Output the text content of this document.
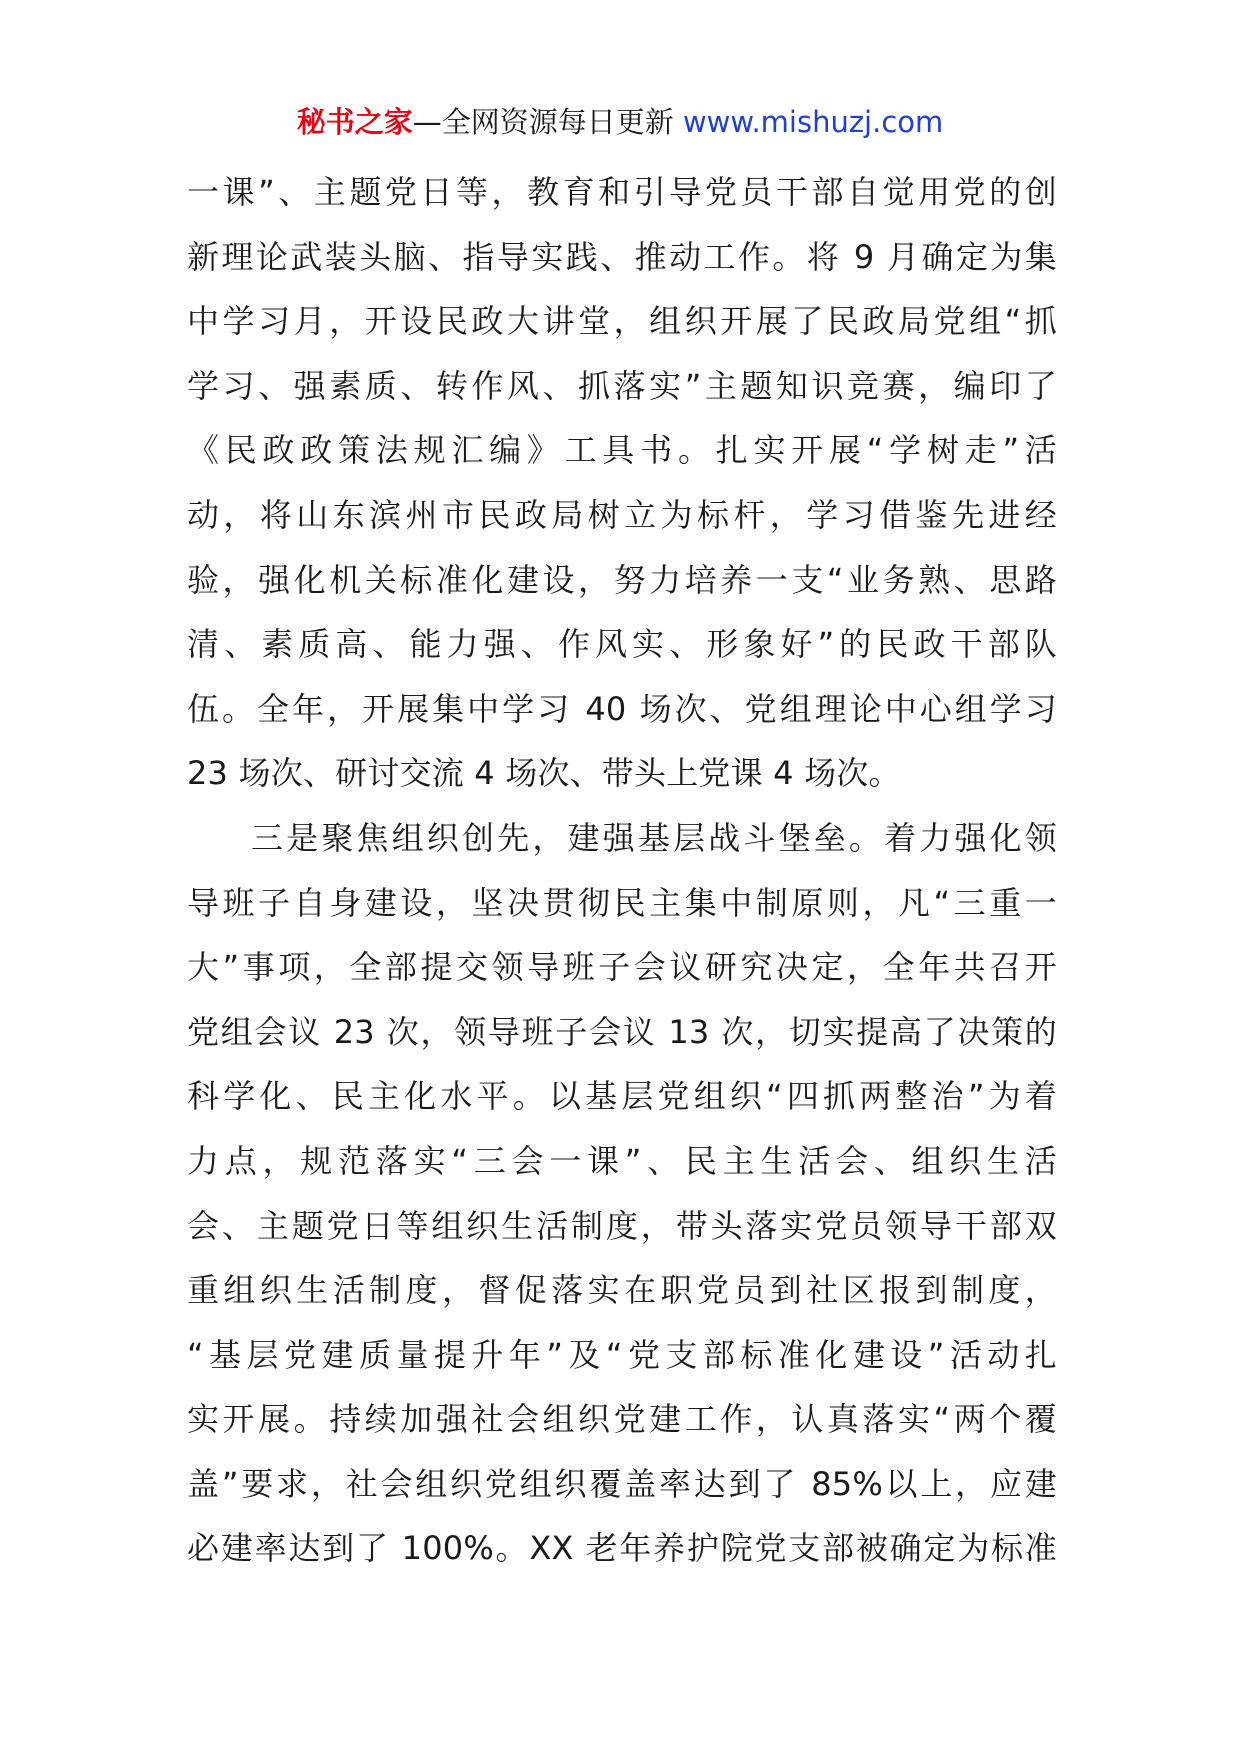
秘书之家—全网资源每日更新 www.mishuzj.com

一课”、主题党日等，教育和引导党员干部自觉用党的创
新理论武装头脑、指导实践、推动工作。将 9 月确定为集
中学习月，开设民政大讲堂，组织开展了民政局党组“抓
学习、强素质、转作风、抓落实”主题知识竞赛，编印了
《民政政策法规汇编》工具书。扎实开展“学树走”活
动，将山东滨州市民政局树立为标杆，学习借鉴先进经
验，强化机关标准化建设，努力培养一支“业务熟、思路
清、素质高、能力强、作风实、形象好”的民政干部队
伍。全年，开展集中学习 40 场次、党组理论中心组学习
23 场次、研讨交流 4 场次、带头上党课 4 场次。

三是聚焦组织创先，建强基层战斗堡垒。着力强化领
导班子自身建设，坚决贯彻民主集中制原则，凡“三重一
大”事项，全部提交领导班子会议研究决定，全年共召开
党组会议 23 次，领导班子会议 13 次，切实提高了决策的
科学化、民主化水平。以基层党组织“四抓两整治”为着
力点，规范落实“三会一课”、民主生活会、组织生活
会、主题党日等组织生活制度，带头落实党员领导干部双
重组织生活制度，督促落实在职党员到社区报到制度，
“基层党建质量提升年”及“党支部标准化建设”活动扎
实开展。持续加强社会组织党建工作，认真落实“两个覆
盖”要求，社会组织党组织覆盖率达到了 85%以上，应建
必建率达到了 100%。XX 老年养护院党支部被确定为标准
